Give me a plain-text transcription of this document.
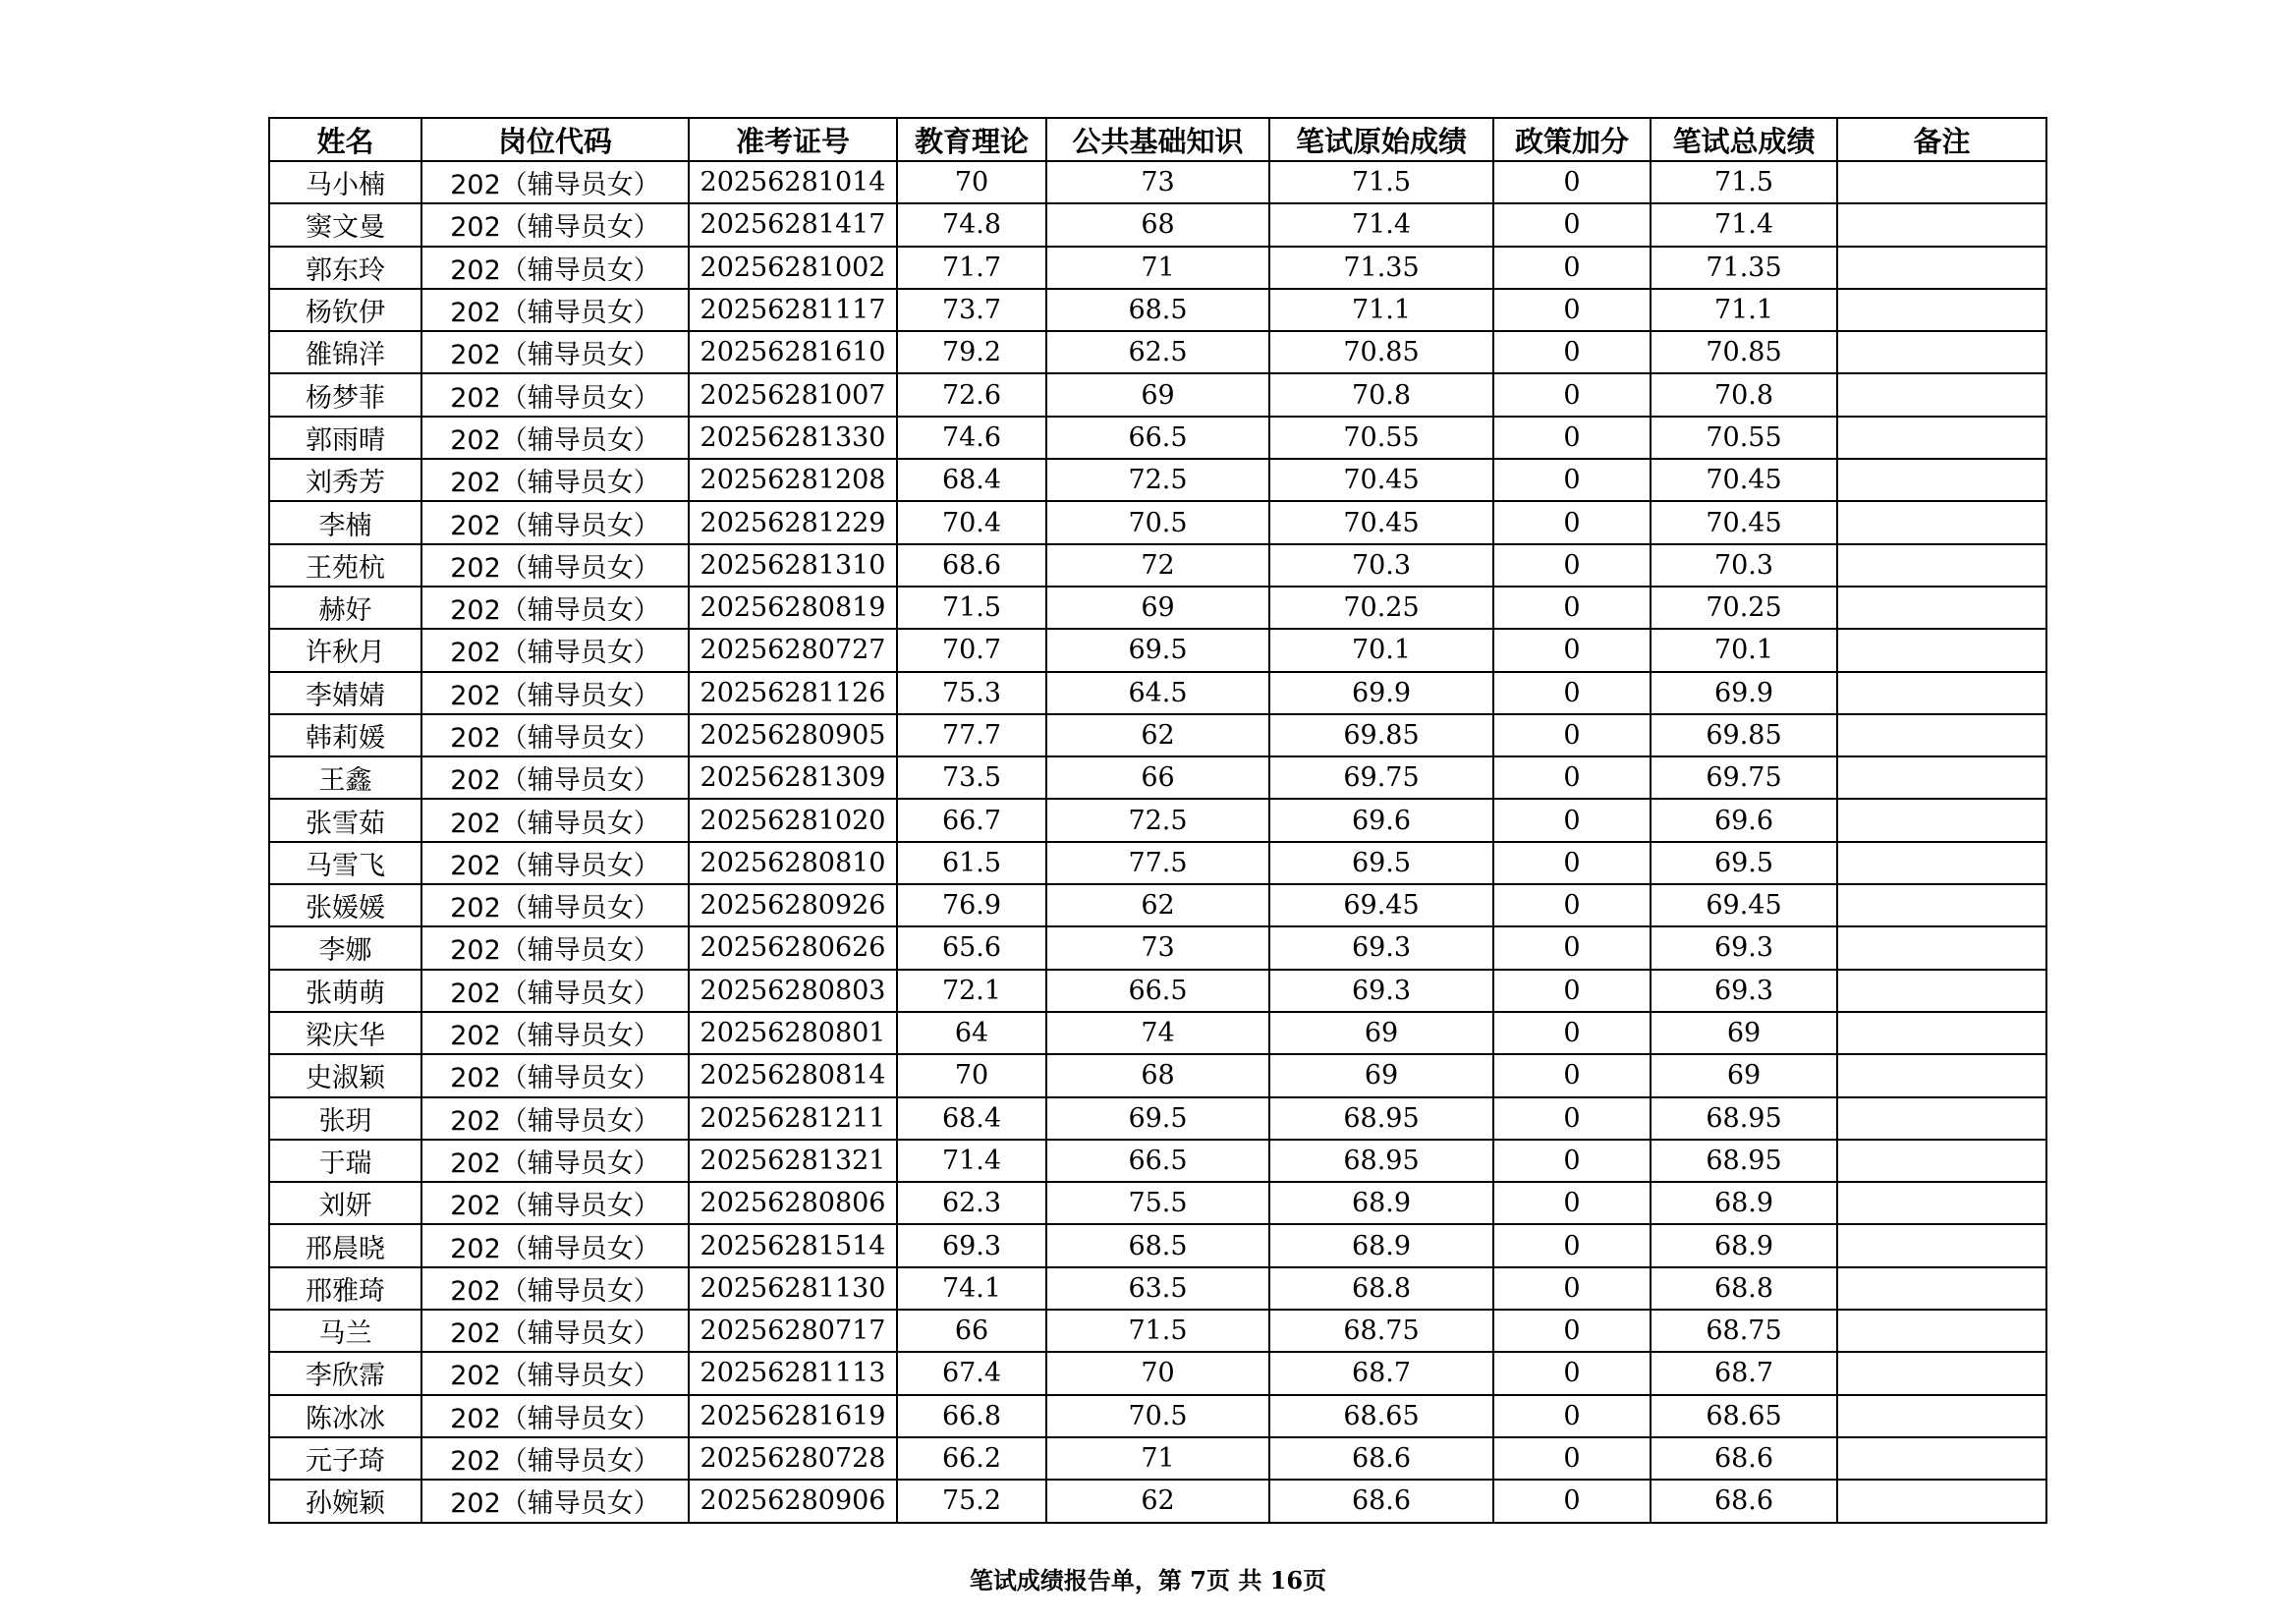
姓名	岗位代码	准考证号	教育理论	公共基础知识	笔试原始成绩	政策加分	笔试总成绩	备注
马小楠	202（辅导员女）	20256281014	70	73	71.5	0	71.5	
窦文曼	202（辅导员女）	20256281417	74.8	68	71.4	0	71.4	
郭东玲	202（辅导员女）	20256281002	71.7	71	71.35	0	71.35	
杨钦伊	202（辅导员女）	20256281117	73.7	68.5	71.1	0	71.1	
雒锦洋	202（辅导员女）	20256281610	79.2	62.5	70.85	0	70.85	
杨梦菲	202（辅导员女）	20256281007	72.6	69	70.8	0	70.8	
郭雨晴	202（辅导员女）	20256281330	74.6	66.5	70.55	0	70.55	
刘秀芳	202（辅导员女）	20256281208	68.4	72.5	70.45	0	70.45	
李楠	202（辅导员女）	20256281229	70.4	70.5	70.45	0	70.45	
王苑杭	202（辅导员女）	20256281310	68.6	72	70.3	0	70.3	
赫好	202（辅导员女）	20256280819	71.5	69	70.25	0	70.25	
许秋月	202（辅导员女）	20256280727	70.7	69.5	70.1	0	70.1	
李婧婧	202（辅导员女）	20256281126	75.3	64.5	69.9	0	69.9	
韩莉媛	202（辅导员女）	20256280905	77.7	62	69.85	0	69.85	
王鑫	202（辅导员女）	20256281309	73.5	66	69.75	0	69.75	
张雪茹	202（辅导员女）	20256281020	66.7	72.5	69.6	0	69.6	
马雪飞	202（辅导员女）	20256280810	61.5	77.5	69.5	0	69.5	
张媛媛	202（辅导员女）	20256280926	76.9	62	69.45	0	69.45	
李娜	202（辅导员女）	20256280626	65.6	73	69.3	0	69.3	
张萌萌	202（辅导员女）	20256280803	72.1	66.5	69.3	0	69.3	
梁庆华	202（辅导员女）	20256280801	64	74	69	0	69	
史淑颖	202（辅导员女）	20256280814	70	68	69	0	69	
张玥	202（辅导员女）	20256281211	68.4	69.5	68.95	0	68.95	
于瑞	202（辅导员女）	20256281321	71.4	66.5	68.95	0	68.95	
刘妍	202（辅导员女）	20256280806	62.3	75.5	68.9	0	68.9	
邢晨晓	202（辅导员女）	20256281514	69.3	68.5	68.9	0	68.9	
邢雅琦	202（辅导员女）	20256281130	74.1	63.5	68.8	0	68.8	
马兰	202（辅导员女）	20256280717	66	71.5	68.75	0	68.75	
李欣霈	202（辅导员女）	20256281113	67.4	70	68.7	0	68.7	
陈冰冰	202（辅导员女）	20256281619	66.8	70.5	68.65	0	68.65	
元子琦	202（辅导员女）	20256280728	66.2	71	68.6	0	68.6	
孙婉颖	202（辅导员女）	20256280906	75.2	62	68.6	0	68.6	
笔试成绩报告单，第 7页 共 16页
